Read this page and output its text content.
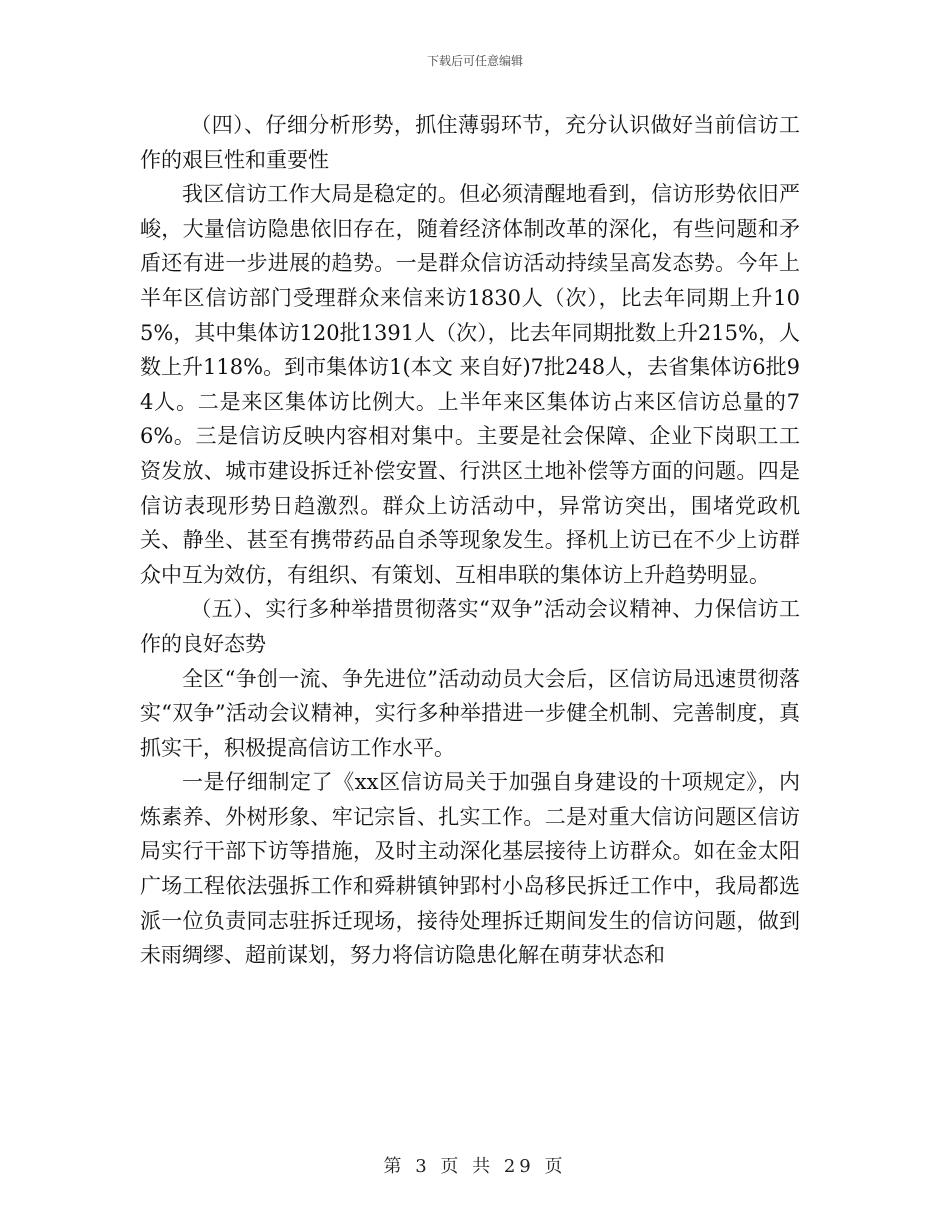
下载后可任意编辑

（四）、仔细分析形势，抓住薄弱环节，充分认识做好当前信访工作的艰巨性和重要性

我区信访工作大局是稳定的。但必须清醒地看到，信访形势依旧严峻，大量信访隐患依旧存在，随着经济体制改革的深化，有些问题和矛盾还有进一步进展的趋势。一是群众信访活动持续呈高发态势。今年上半年区信访部门受理群众来信来访1830人（次），比去年同期上升105%，其中集体访120批1391人（次），比去年同期批数上升215%，人数上升118%。到市集体访1(本文 来自好)7批248人，去省集体访6批94人。二是来区集体访比例大。上半年来区集体访占来区信访总量的76%。三是信访反映内容相对集中。主要是社会保障、企业下岗职工工资发放、城市建设拆迁补偿安置、行洪区土地补偿等方面的问题。四是信访表现形势日趋激烈。群众上访活动中，异常访突出，围堵党政机关、静坐、甚至有携带药品自杀等现象发生。择机上访已在不少上访群众中互为效仿，有组织、有策划、互相串联的集体访上升趋势明显。

（五）、实行多种举措贯彻落实“双争”活动会议精神、力保信访工作的良好态势

全区“争创一流、争先进位”活动动员大会后，区信访局迅速贯彻落实“双争”活动会议精神，实行多种举措进一步健全机制、完善制度，真抓实干，积极提高信访工作水平。

一是仔细制定了《xx区信访局关于加强自身建设的十项规定》，内炼素养、外树形象、牢记宗旨、扎实工作。二是对重大信访问题区信访局实行干部下访等措施，及时主动深化基层接待上访群众。如在金太阳广场工程依法强拆工作和舜耕镇钟郢村小岛移民拆迁工作中，我局都选派一位负责同志驻拆迁现场，接待处理拆迁期间发生的信访问题，做到未雨绸缪、超前谋划，努力将信访隐患化解在萌芽状态和

第 3 页 共 29 页
